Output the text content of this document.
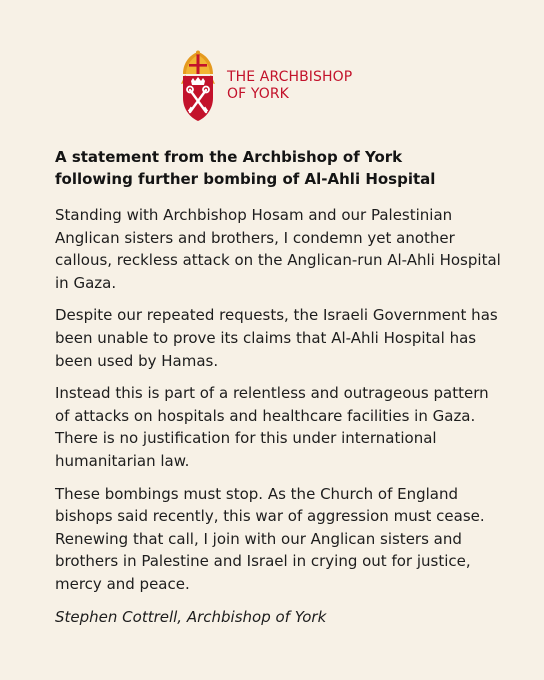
THE ARCHBISHOP
OF YORK
A statement from the Archbishop of York
following further bombing of Al-Ahli Hospital

Standing with Archbishop Hosam and our Palestinian Anglican sisters and brothers, I condemn yet another callous, reckless attack on the Anglican-run Al-Ahli Hospital in Gaza.

Despite our repeated requests, the Israeli Government has been unable to prove its claims that Al-Ahli Hospital has been used by Hamas.

Instead this is part of a relentless and outrageous pattern of attacks on hospitals and healthcare facilities in Gaza. There is no justification for this under international humanitarian law.

These bombings must stop. As the Church of England bishops said recently, this war of aggression must cease. Renewing that call, I join with our Anglican sisters and brothers in Palestine and Israel in crying out for justice, mercy and peace.

Stephen Cottrell, Archbishop of York
